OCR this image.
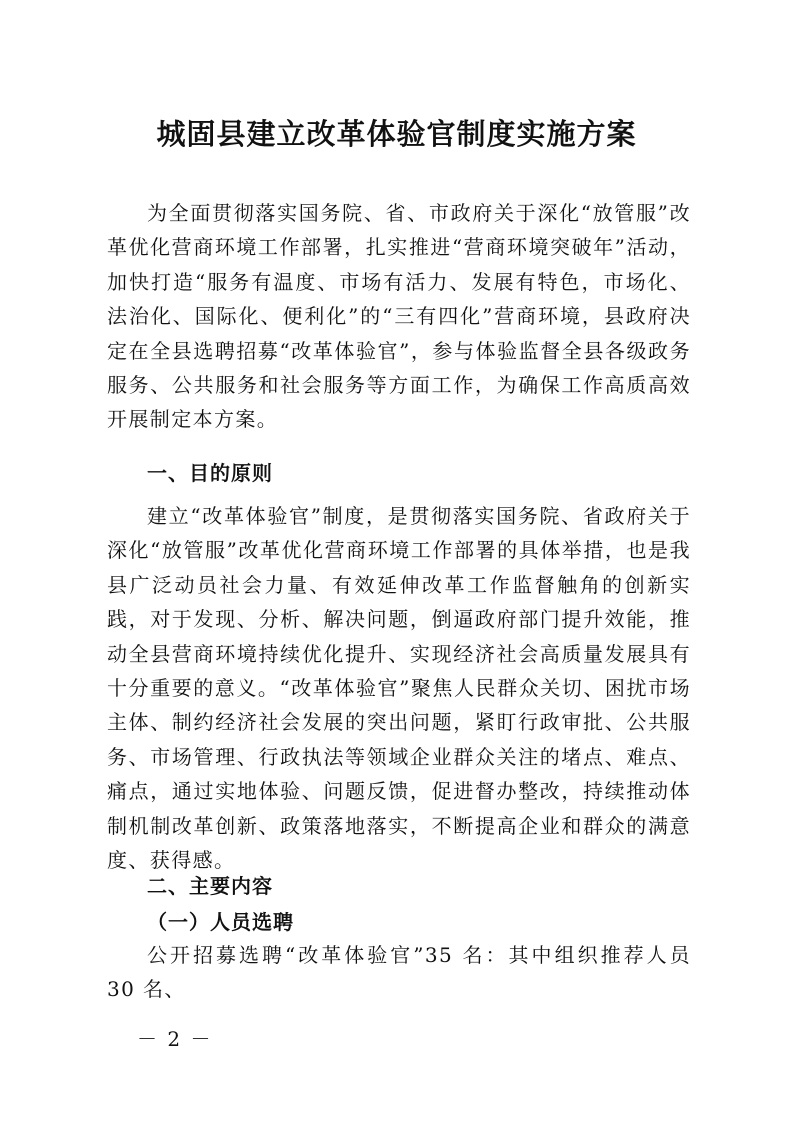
城固县建立改革体验官制度实施方案
为全面贯彻落实国务院、省、市政府关于深化“放管服”改革优化营商环境工作部署，扎实推进“营商环境突破年”活动，加快打造“服务有温度、市场有活力、发展有特色，市场化、法治化、国际化、便利化”的“三有四化”营商环境，县政府决定在全县选聘招募“改革体验官”，参与体验监督全县各级政务服务、公共服务和社会服务等方面工作，为确保工作高质高效开展制定本方案。
一、目的原则
建立“改革体验官”制度，是贯彻落实国务院、省政府关于深化“放管服”改革优化营商环境工作部署的具体举措，也是我县广泛动员社会力量、有效延伸改革工作监督触角的创新实践，对于发现、分析、解决问题，倒逼政府部门提升效能，推动全县营商环境持续优化提升、实现经济社会高质量发展具有十分重要的意义。“改革体验官”聚焦人民群众关切、困扰市场主体、制约经济社会发展的突出问题，紧盯行政审批、公共服务、市场管理、行政执法等领域企业群众关注的堵点、难点、痛点，通过实地体验、问题反馈，促进督办整改，持续推动体制机制改革创新、政策落地落实，不断提高企业和群众的满意度、获得感。
二、主要内容
（一）人员选聘
公开招募选聘“改革体验官”35 名：其中组织推荐人员 30 名、
－ 2 －
